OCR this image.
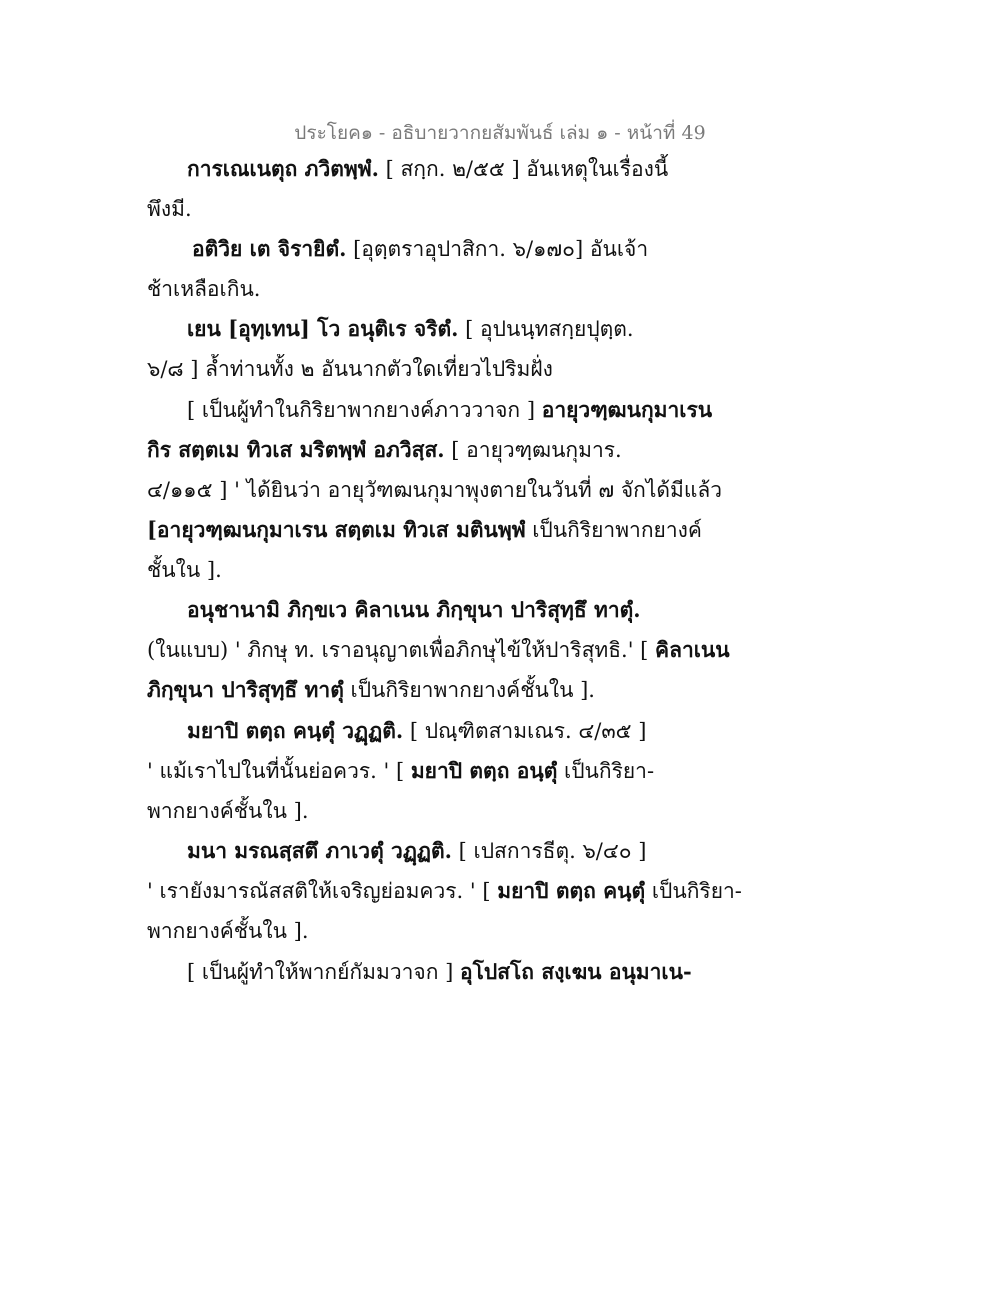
ประโยค๑ - อธิบายวากยสัมพันธ์ เล่ม ๑ - หน้าที่ 49
การเณเนตุถ ภวิตพฺพํ. [ สกฺก. ๒/๕๕ ] อันเหตุในเรื่องนี้
พึงมี.
อติวิย เต จิรายิตํ. [อุตฺตราอุปาสิกา. ๖/๑๗๐] อันเจ้า
ช้าเหลือเกิน.
เยน [อุทฺเทน] โว อนุติเร จริตํ. [ อุปนนฺทสกฺยปุตฺต.
๖/๘ ] ล้ำท่านทั้ง ๒ อันนากตัวใดเที่ยวไปริมฝั่ง
[ เป็นผู้ทำในกิริยาพากยางค์ภาววาจก ] อายุวฑฺฒนกุมาเรน
กิร สตฺตเม ทิวเส มริตพฺพํ อภวิสฺส. [ อายุวฑฺฒนกุมาร.
๔/๑๑๕ ] ' ได้ยินว่า อายุวัฑฒนกุมาพุงตายในวันที่ ๗ จักได้มีแล้ว
[อายุวฑฺฒนกุมาเรน สตฺตเม ทิวเส มตินพฺพํ เป็นกิริยาพากยางค์
ชั้นใน ].
อนุชานามิ ภิกฺขเว คิลาเนน ภิกฺขุนา ปาริสุทฺธึ ทาตุํ.
(ในแบบ) ' ภิกษุ ท. เราอนุญาตเพื่อภิกษุไข้ให้ปาริสุทธิ.' [ คิลาเนน
ภิกฺขุนา ปาริสุทฺธึ ทาตุํ เป็นกิริยาพากยางค์ชั้นใน ].
มยาปิ ตตฺถ คนฺตุํ วฏฺฏติ. [ ปณฺฑิตสามเณร. ๔/๓๕ ]
' แม้เราไปในที่นั้นย่อควร. ' [ มยาปิ ตตฺถ อนฺตุํ เป็นกิริยา-
พากยางค์ชั้นใน ].
มนา มรณสฺสตึ ภาเวตุํ วฏฺฏติ. [ เปสการธีตุ. ๖/๔๐ ]
' เรายังมารณัสสติให้เจริญย่อมควร. ' [ มยาปิ ตตฺถ คนฺตุํ เป็นกิริยา-
พากยางค์ชั้นใน ].
[ เป็นผู้ทำให้พากย์กัมมวาจก ] อุโปสโถ สงฺเฆน อนุมาเน-
